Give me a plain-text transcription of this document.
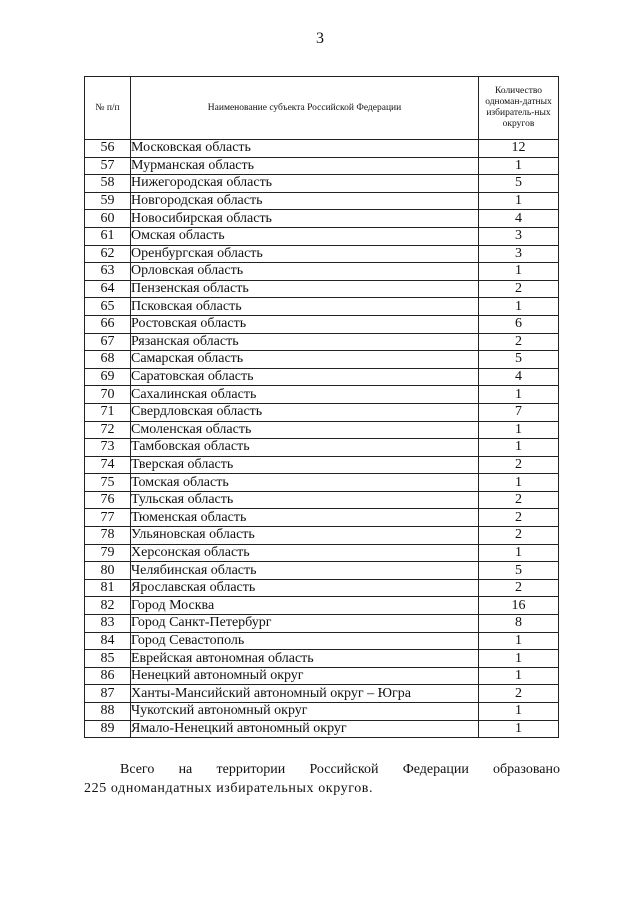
3
№ п/п	Наименование субъекта Российской Федерации	Количество одноман-датных избиратель-ных округов
56	Московская область	12
57	Мурманская область	1
58	Нижегородская область	5
59	Новгородская область	1
60	Новосибирская область	4
61	Омская область	3
62	Оренбургская область	3
63	Орловская область	1
64	Пензенская область	2
65	Псковская область	1
66	Ростовская область	6
67	Рязанская область	2
68	Самарская область	5
69	Саратовская область	4
70	Сахалинская область	1
71	Свердловская область	7
72	Смоленская область	1
73	Тамбовская область	1
74	Тверская область	2
75	Томская область	1
76	Тульская область	2
77	Тюменская область	2
78	Ульяновская область	2
79	Херсонская область	1
80	Челябинская область	5
81	Ярославская область	2
82	Город Москва	16
83	Город Санкт-Петербург	8
84	Город Севастополь	1
85	Еврейская автономная область	1
86	Ненецкий автономный округ	1
87	Ханты-Мансийский автономный округ – Югра	2
88	Чукотский автономный округ	1
89	Ямало-Ненецкий автономный округ	1
Всего на территории Российской Федерации образовано
225 одномандатных избирательных округов.
